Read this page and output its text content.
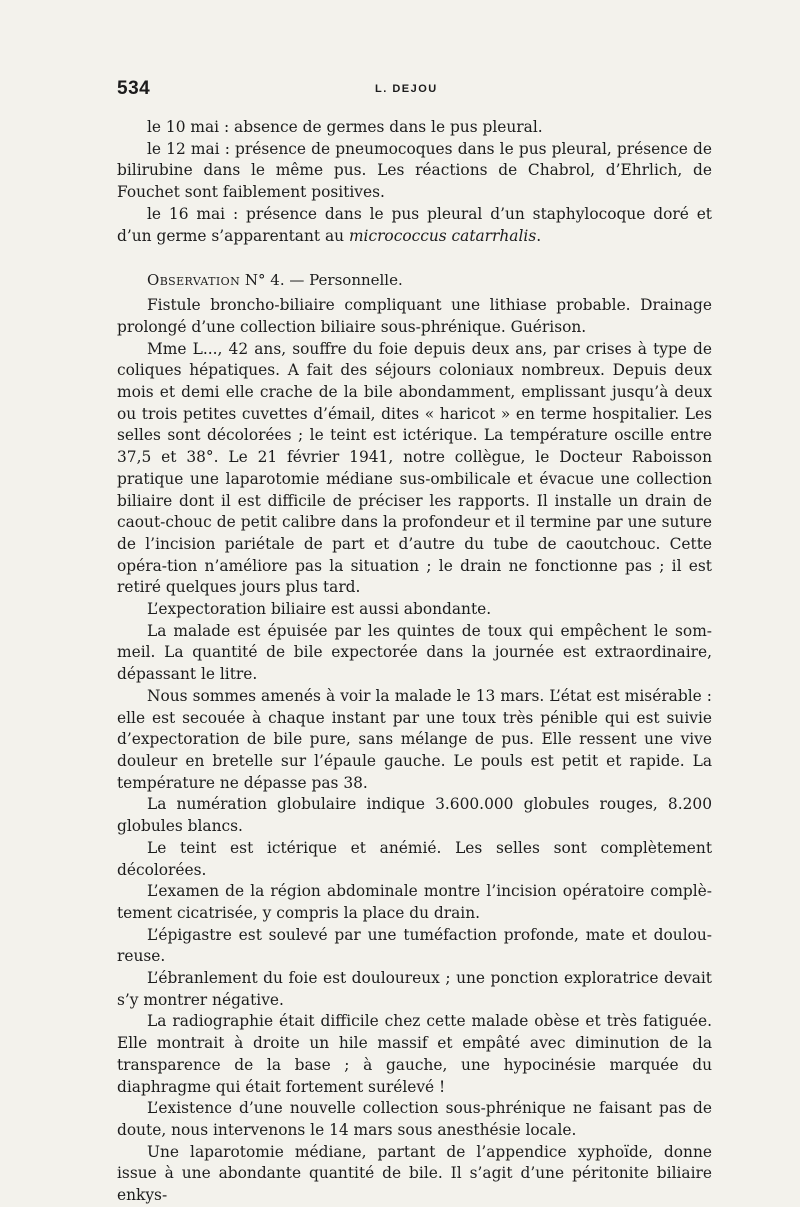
534	L. DEJOU

le 10 mai : absence de germes dans le pus pleural.

le 12 mai : présence de pneumocoques dans le pus pleural, présence de bilirubine dans le même pus. Les réactions de Chabrol, d’Ehrlich, de Fouchet sont faiblement positives.

le 16 mai : présence dans le pus pleural d’un staphylocoque doré et d’un germe s’apparentant au micrococcus catarrhalis.

Observation N° 4. — Personnelle.

Fistule broncho-biliaire compliquant une lithiase probable. Drainage prolongé d’une collection biliaire sous-phrénique. Guérison.

Mme L..., 42 ans, souffre du foie depuis deux ans, par crises à type de coliques hépatiques. A fait des séjours coloniaux nombreux. Depuis deux mois et demi elle crache de la bile abondamment, emplissant jusqu’à deux ou trois petites cuvettes d’émail, dites « haricot » en terme hospitalier. Les selles sont décolorées ; le teint est ictérique. La température oscille entre 37,5 et 38°. Le 21 février 1941, notre collègue, le Docteur Raboisson pratique une laparotomie médiane sus-ombilicale et évacue une collection biliaire dont il est difficile de préciser les rapports. Il installe un drain de caout-chouc de petit calibre dans la profondeur et il termine par une suture de l’incision pariétale de part et d’autre du tube de caoutchouc. Cette opéra-tion n’améliore pas la situation ; le drain ne fonctionne pas ; il est retiré quelques jours plus tard.

L’expectoration biliaire est aussi abondante.

La malade est épuisée par les quintes de toux qui empêchent le som-meil. La quantité de bile expectorée dans la journée est extraordinaire, dépassant le litre.

Nous sommes amenés à voir la malade le 13 mars. L’état est misérable : elle est secouée à chaque instant par une toux très pénible qui est suivie d’expectoration de bile pure, sans mélange de pus. Elle ressent une vive douleur en bretelle sur l’épaule gauche. Le pouls est petit et rapide. La température ne dépasse pas 38.

La numération globulaire indique 3.600.000 globules rouges, 8.200 globules blancs.

Le teint est ictérique et anémié. Les selles sont complètement décolorées.

L’examen de la région abdominale montre l’incision opératoire complè-tement cicatrisée, y compris la place du drain.

L’épigastre est soulevé par une tuméfaction profonde, mate et doulou-reuse.

L’ébranlement du foie est douloureux ; une ponction exploratrice devait s’y montrer négative.

La radiographie était difficile chez cette malade obèse et très fatiguée. Elle montrait à droite un hile massif et empâté avec diminution de la transparence de la base ; à gauche, une hypocinésie marquée du diaphragme qui était fortement surélevé !

L’existence d’une nouvelle collection sous-phrénique ne faisant pas de doute, nous intervenons le 14 mars sous anesthésie locale.

Une laparotomie médiane, partant de l’appendice xyphoïde, donne issue à une abondante quantité de bile. Il s’agit d’une péritonite biliaire enkys-
